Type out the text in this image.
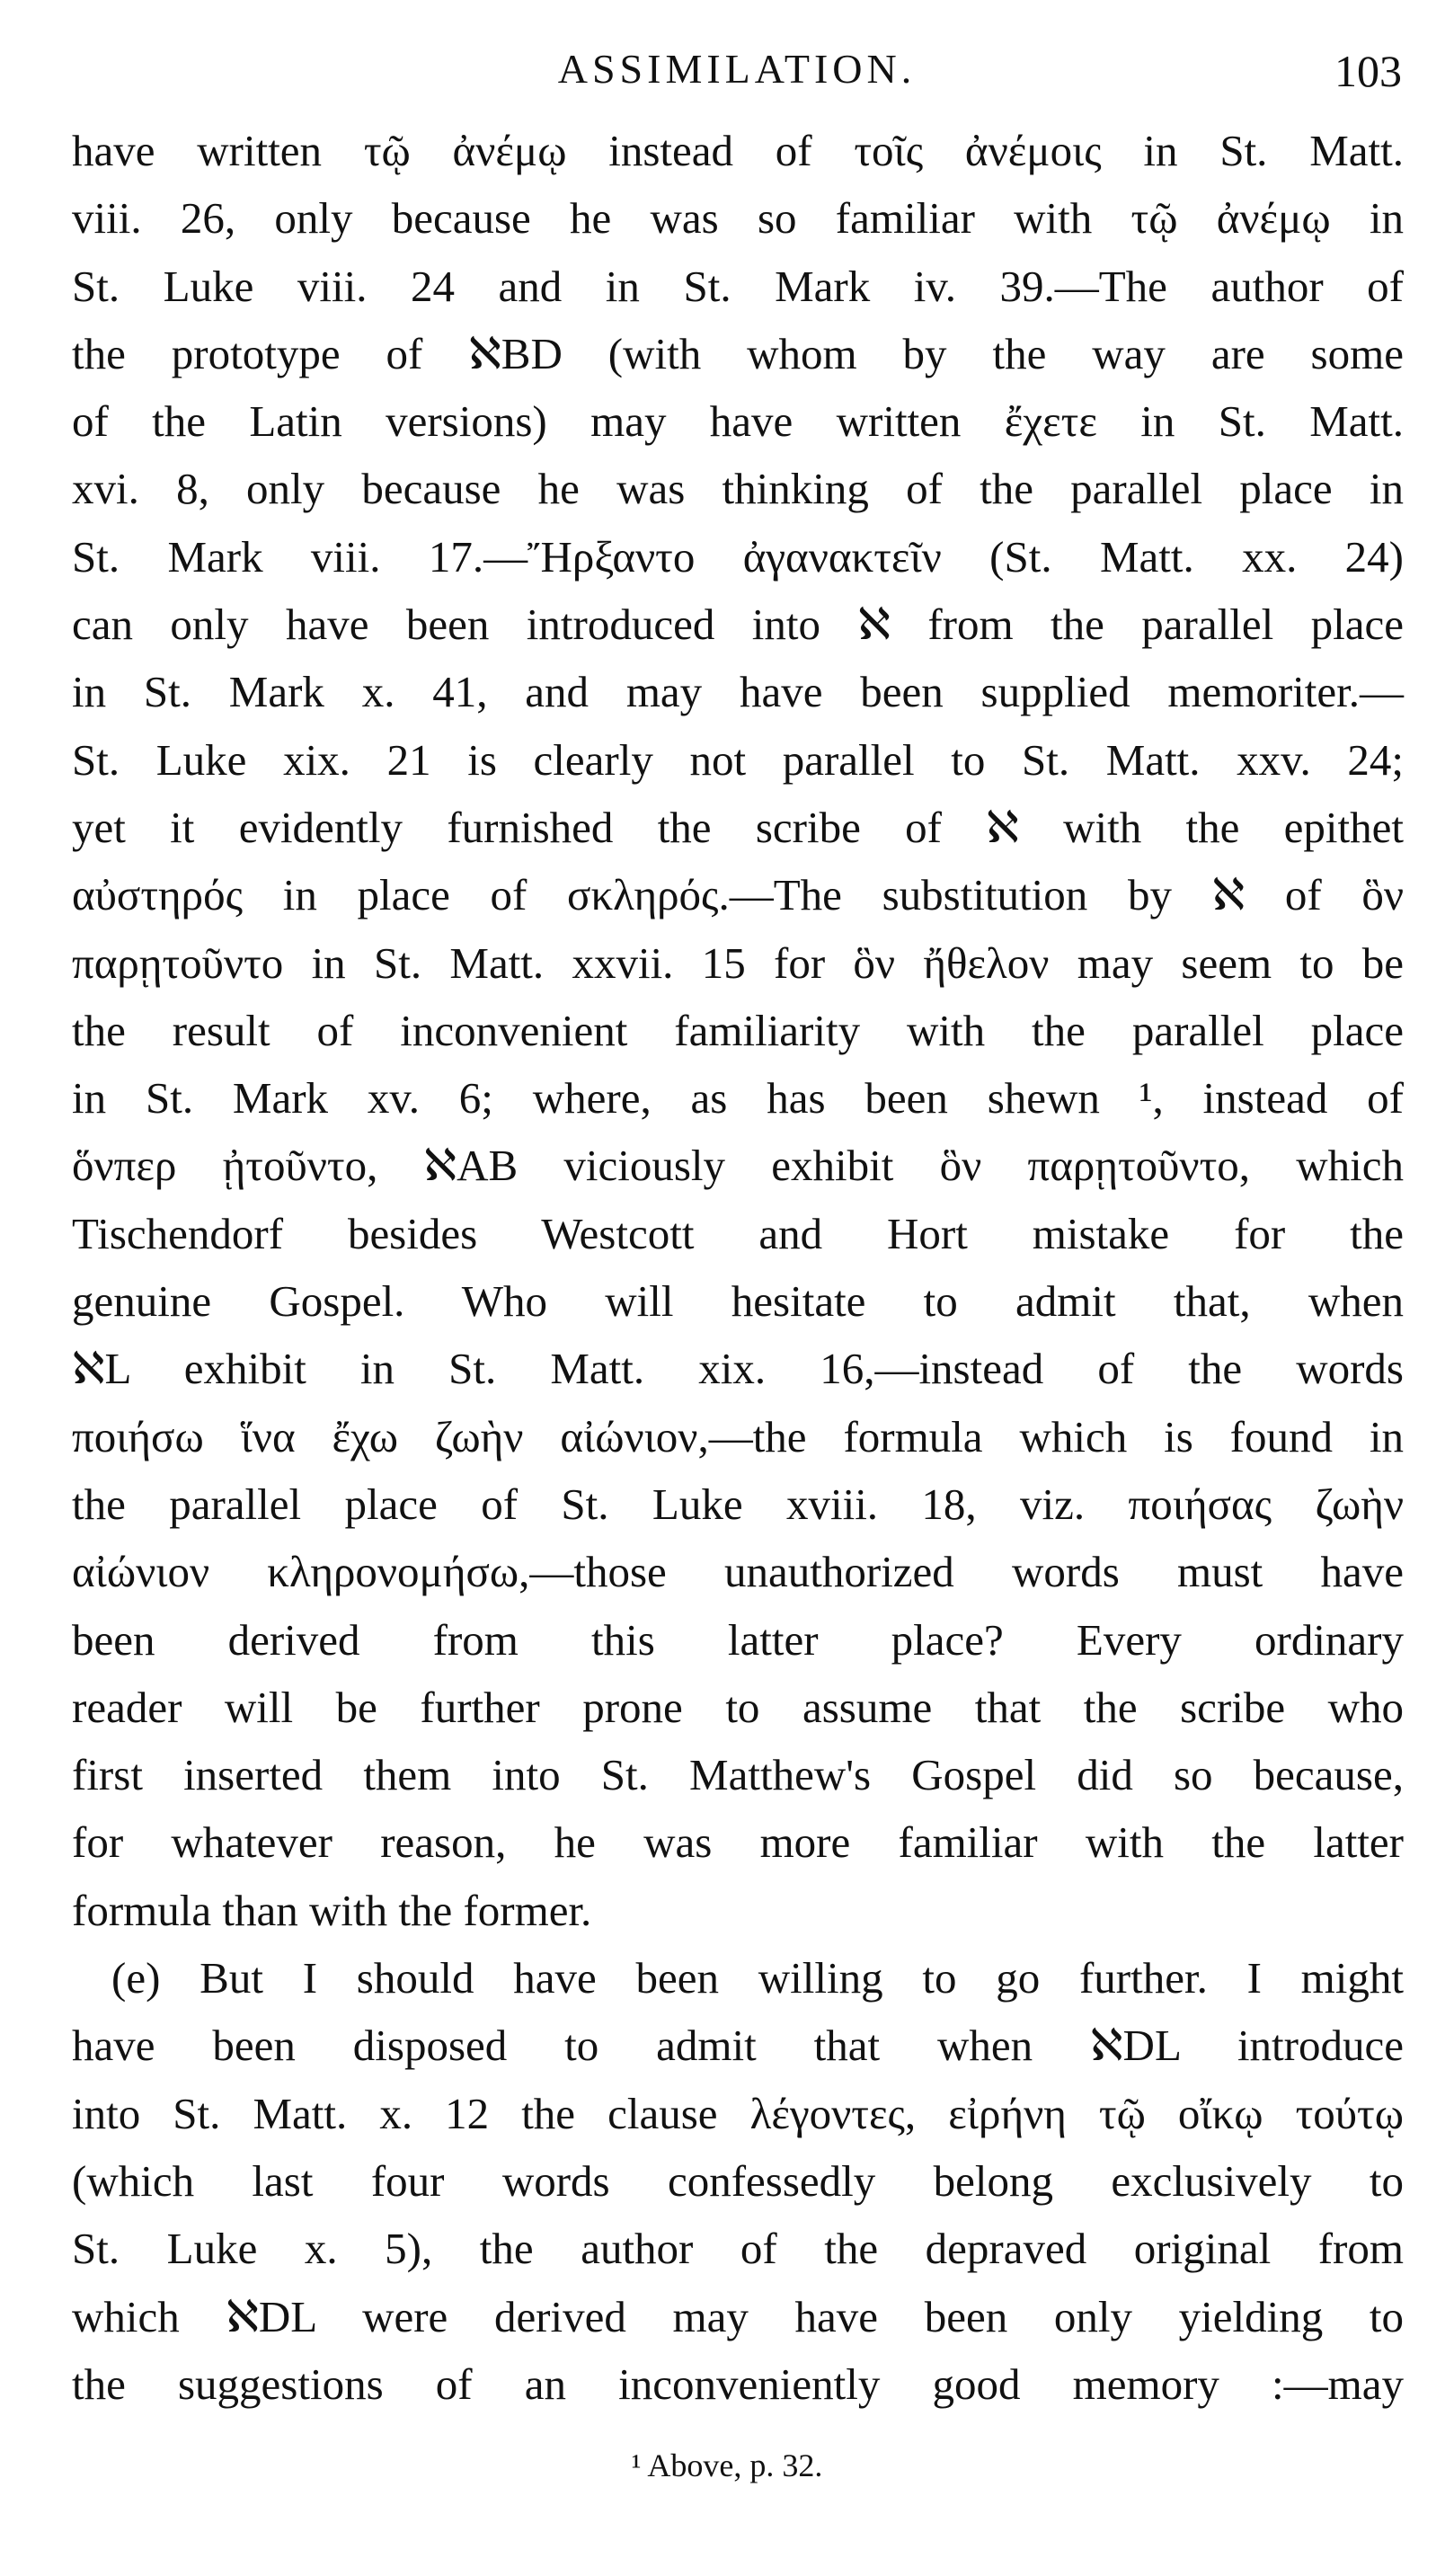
ASSIMILATION.	103
have written τῷ ἀνέμῳ instead of τοῖς ἀνέμοις in St. Matt.
viii. 26, only because he was so familiar with τῷ ἀνέμῳ in
St. Luke viii. 24 and in St. Mark iv. 39.—The author of
the prototype of ℵBD (with whom by the way are some
of the Latin versions) may have written ἔχετε in St. Matt.
xvi. 8, only because he was thinking of the parallel place in
St. Mark viii. 17.—Ἤρξαντο ἀγανακτεῖν (St. Matt. xx. 24)
can only have been introduced into ℵ from the parallel place
in St. Mark x. 41, and may have been supplied memoriter.—
St. Luke xix. 21 is clearly not parallel to St. Matt. xxv. 24;
yet it evidently furnished the scribe of ℵ with the epithet
αὐστηρός in place of σκληρός.—The substitution by ℵ of ὃν
παρῃτοῦντο in St. Matt. xxvii. 15 for ὃν ἤθελον may seem to be
the result of inconvenient familiarity with the parallel place
in St. Mark xv. 6; where, as has been shewn ¹, instead of
ὅνπερ ᾐτοῦντο, ℵAB viciously exhibit ὃν παρῃτοῦντο, which
Tischendorf besides Westcott and Hort mistake for the
genuine Gospel. Who will hesitate to admit that, when
ℵL exhibit in St. Matt. xix. 16,—instead of the words
ποιήσω ἵνα ἔχω ζωὴν αἰώνιον,—the formula which is found in
the parallel place of St. Luke xviii. 18, viz. ποιήσας ζωὴν
αἰώνιον κληρονομήσω,—those unauthorized words must have
been derived from this latter place? Every ordinary
reader will be further prone to assume that the scribe who
first inserted them into St. Matthew's Gospel did so because,
for whatever reason, he was more familiar with the latter
formula than with the former.
(e) But I should have been willing to go further. I might
have been disposed to admit that when ℵDL introduce
into St. Matt. x. 12 the clause λέγοντες, εἰρήνη τῷ οἴκῳ τούτῳ
(which last four words confessedly belong exclusively to
St. Luke x. 5), the author of the depraved original from
which ℵDL were derived may have been only yielding to
the suggestions of an inconveniently good memory :—may
¹ Above, p. 32.
